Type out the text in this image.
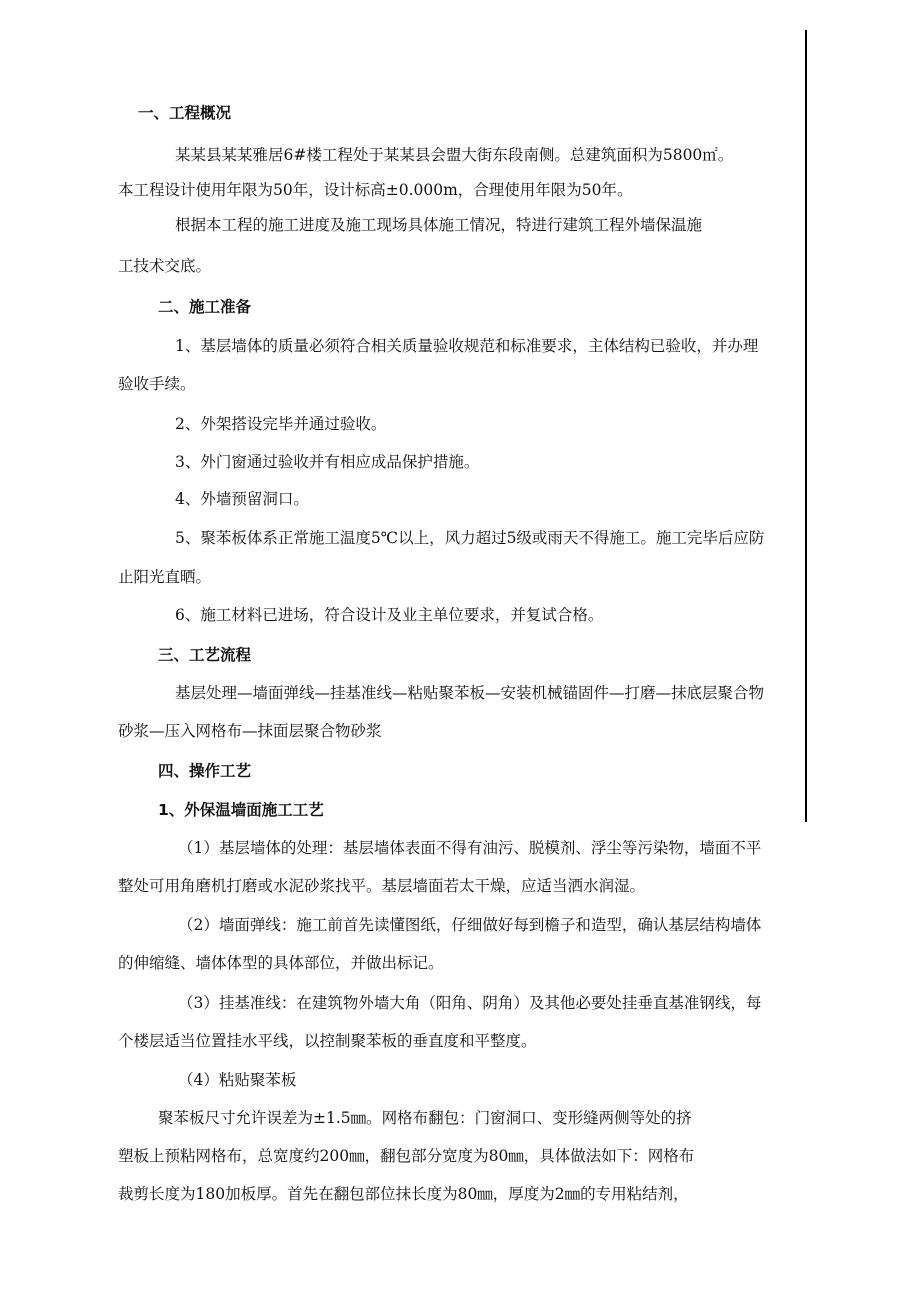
一、工程概况
某某县某某雅居6#楼工程处于某某县会盟大街东段南侧。总建筑面积为5800㎡。
本工程设计使用年限为50年，设计标高±0.000m，合理使用年限为50年。
根据本工程的施工进度及施工现场具体施工情况，特进行建筑工程外墙保温施
工技术交底。
二、施工准备
1、基层墙体的质量必须符合相关质量验收规范和标准要求，主体结构已验收，并办理
验收手续。
2、外架搭设完毕并通过验收。
3、外门窗通过验收并有相应成品保护措施。
4、外墙预留洞口。
5、聚苯板体系正常施工温度5℃以上，风力超过5级或雨天不得施工。施工完毕后应防
止阳光直晒。
6、施工材料已进场，符合设计及业主单位要求，并复试合格。
三、工艺流程
基层处理—墙面弹线—挂基准线—粘贴聚苯板—安装机械锚固件—打磨—抹底层聚合物
砂浆—压入网格布—抹面层聚合物砂浆
四、操作工艺
1、外保温墙面施工工艺
（1）基层墙体的处理：基层墙体表面不得有油污、脱模剂、浮尘等污染物，墙面不平
整处可用角磨机打磨或水泥砂浆找平。基层墙面若太干燥，应适当洒水润湿。
（2）墙面弹线：施工前首先读懂图纸，仔细做好每到檐子和造型，确认基层结构墙体
的伸缩缝、墙体体型的具体部位，并做出标记。
（3）挂基准线：在建筑物外墙大角（阳角、阴角）及其他必要处挂垂直基准钢线，每
个楼层适当位置挂水平线，以控制聚苯板的垂直度和平整度。
（4）粘贴聚苯板
聚苯板尺寸允许误差为±1.5㎜。网格布翻包：门窗洞口、变形缝两侧等处的挤
塑板上预粘网格布，总宽度约200㎜，翻包部分宽度为80㎜，具体做法如下：网格布
裁剪长度为180加板厚。首先在翻包部位抹长度为80㎜，厚度为2㎜的专用粘结剂，
